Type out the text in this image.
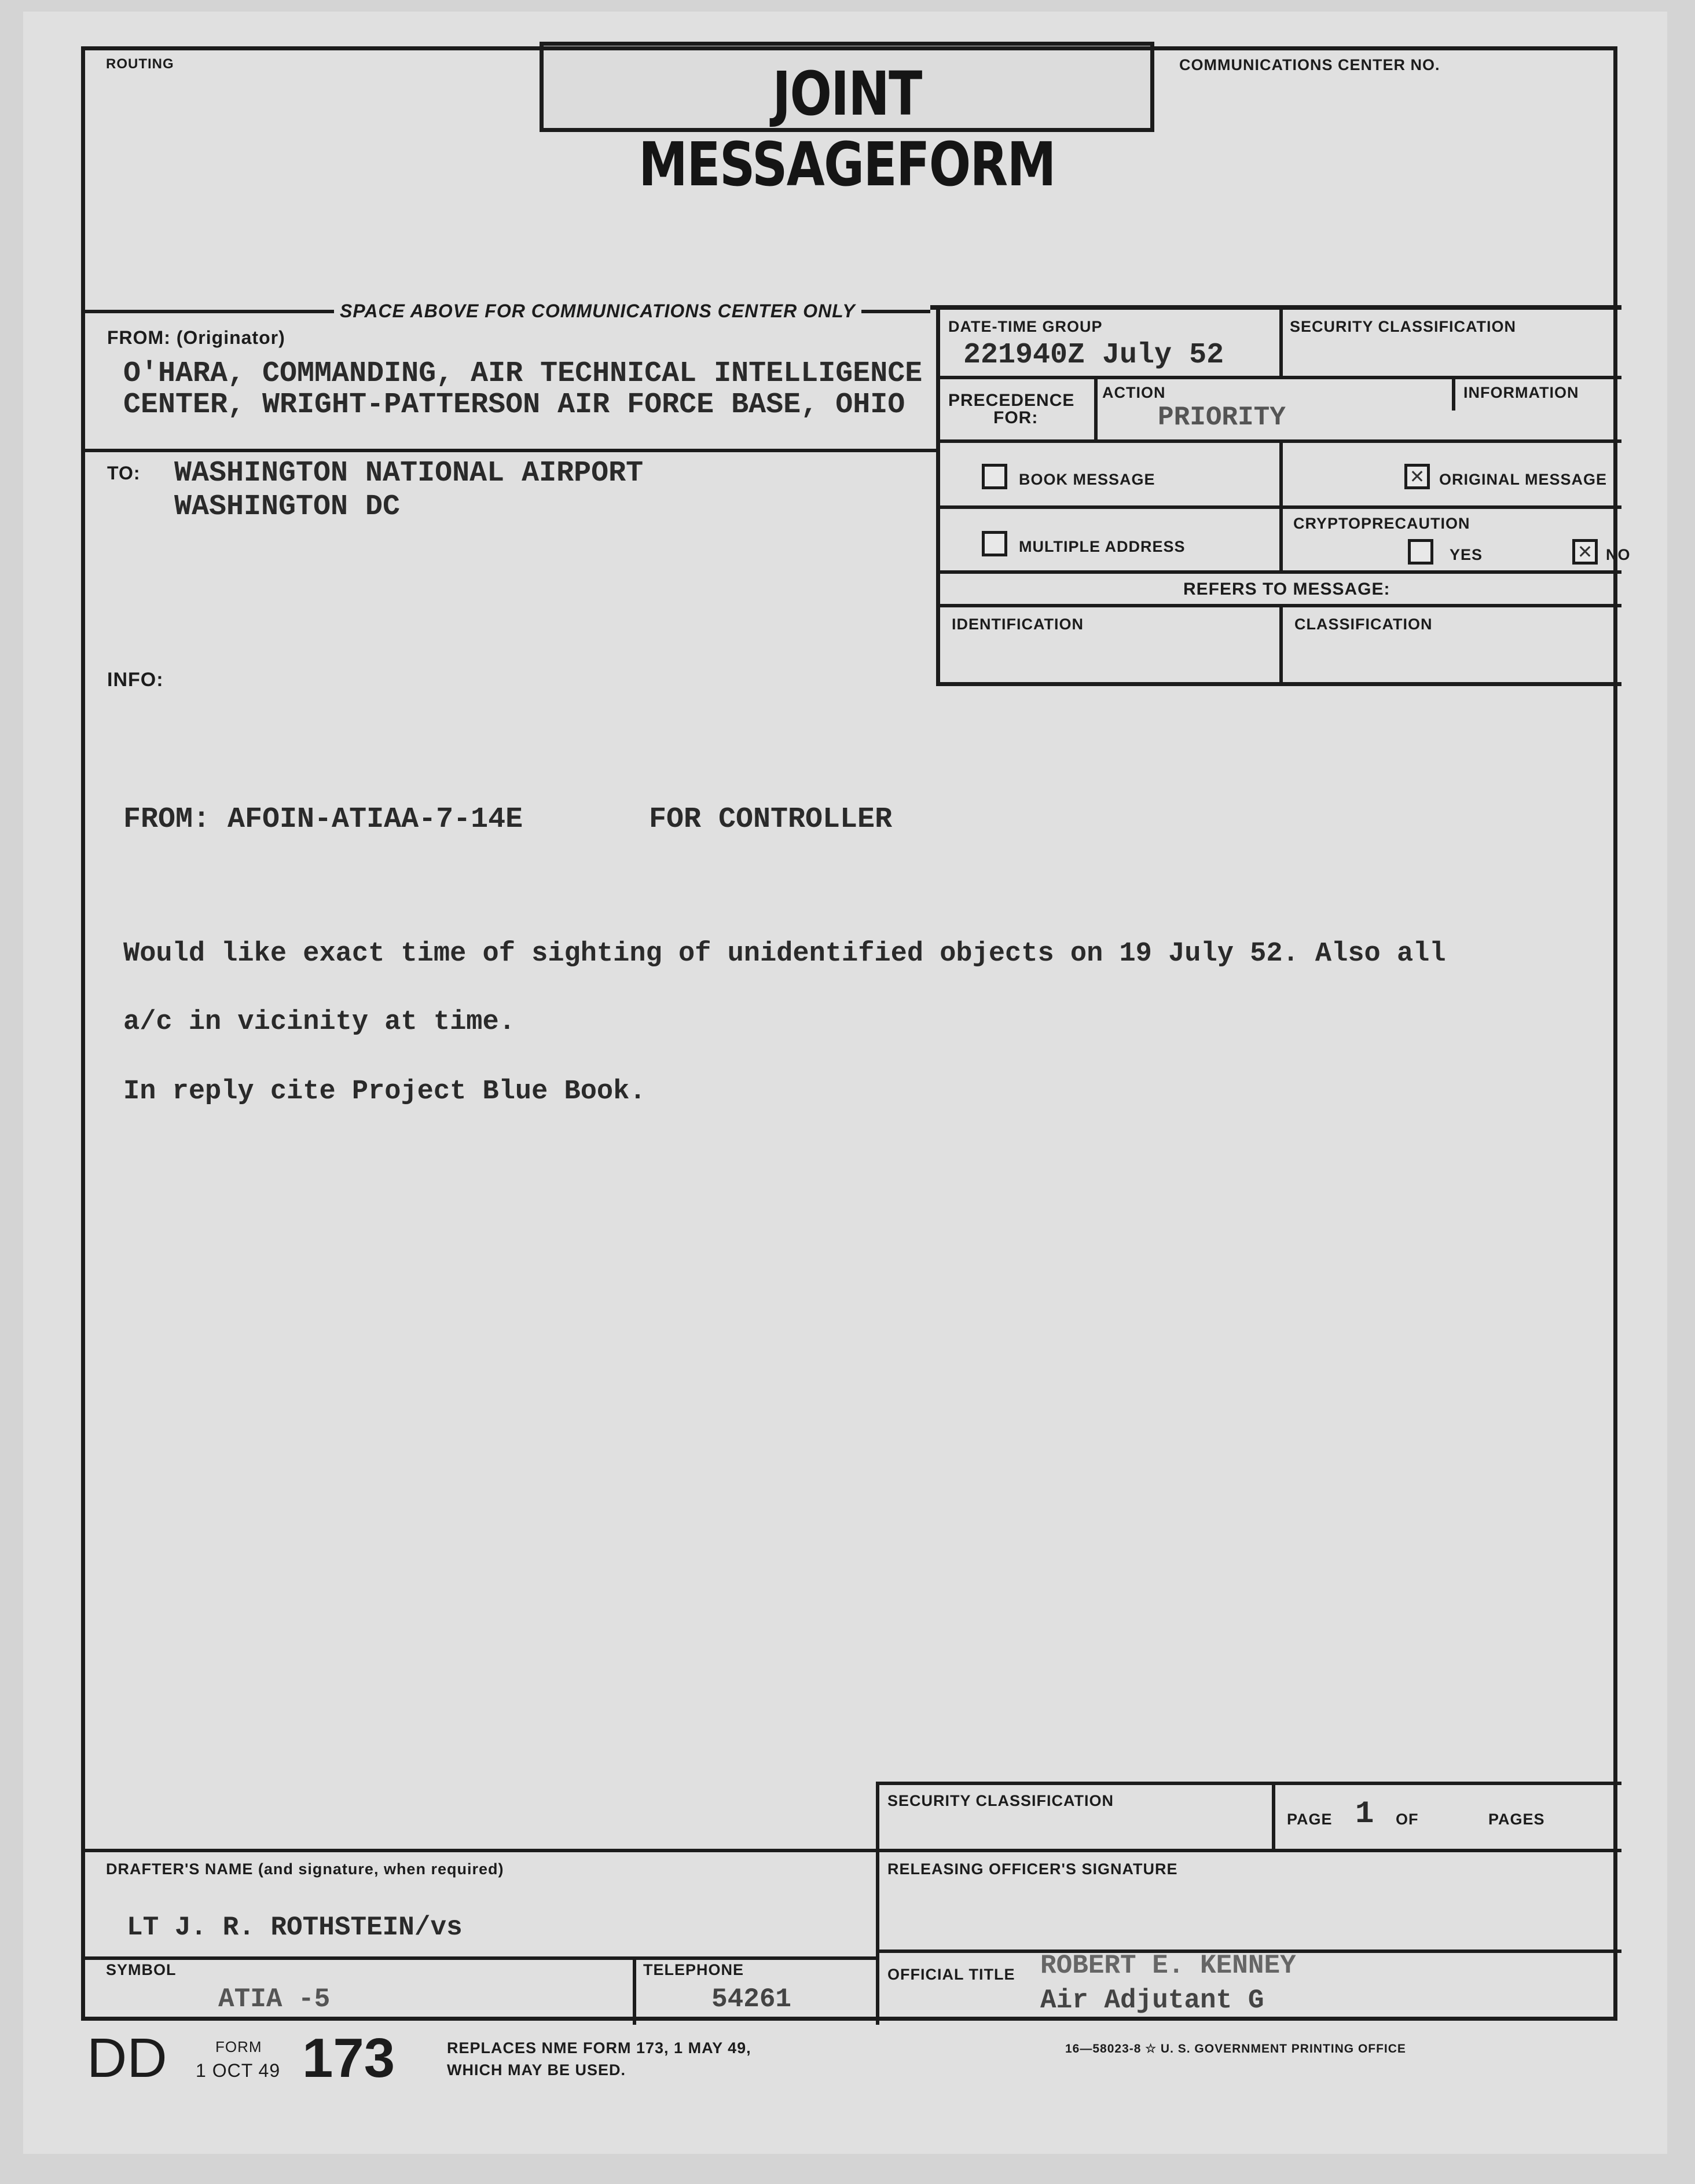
JOINT MESSAGEFORM
ROUTING	COMMUNICATIONS CENTER NO.
SPACE ABOVE FOR COMMUNICATIONS CENTER ONLY
FROM: (Originator)
O'HARA, COMMANDING, AIR TECHNICAL INTELLIGENCE
CENTER, WRIGHT-PATTERSON AIR FORCE BASE, OHIO
TO: WASHINGTON NATIONAL AIRPORT
WASHINGTON DC
INFO:
DATE-TIME GROUP
221940Z July 52
SECURITY CLASSIFICATION
PRECEDENCE
FOR:
ACTION
PRIORITY
INFORMATION
BOOK MESSAGE	✕ ORIGINAL MESSAGE
MULTIPLE ADDRESS
CRYPTOPRECAUTION
YES	✕ NO
REFERS TO MESSAGE:
IDENTIFICATION	CLASSIFICATION
FROM: AFOIN-ATIAA-7-14E	FOR CONTROLLER
Would like exact time of sighting of unidentified objects on 19 July 52. Also all
a/c in vicinity at time.
In reply cite Project Blue Book.
SECURITY CLASSIFICATION
PAGE 1 OF	PAGES
DRAFTER'S NAME (and signature, when required)
LT J. R. ROTHSTEIN/vs
RELEASING OFFICER'S SIGNATURE
SYMBOL
ATIA -5
TELEPHONE
54261
OFFICIAL TITLE ROBERT E. KENNEY
Air Adjutant G
DD	FORM
1 OCT 49 173	REPLACES NME FORM 173, 1 MAY 49,
WHICH MAY BE USED.
16—58023-8 ☆ U. S. GOVERNMENT PRINTING OFFICE
